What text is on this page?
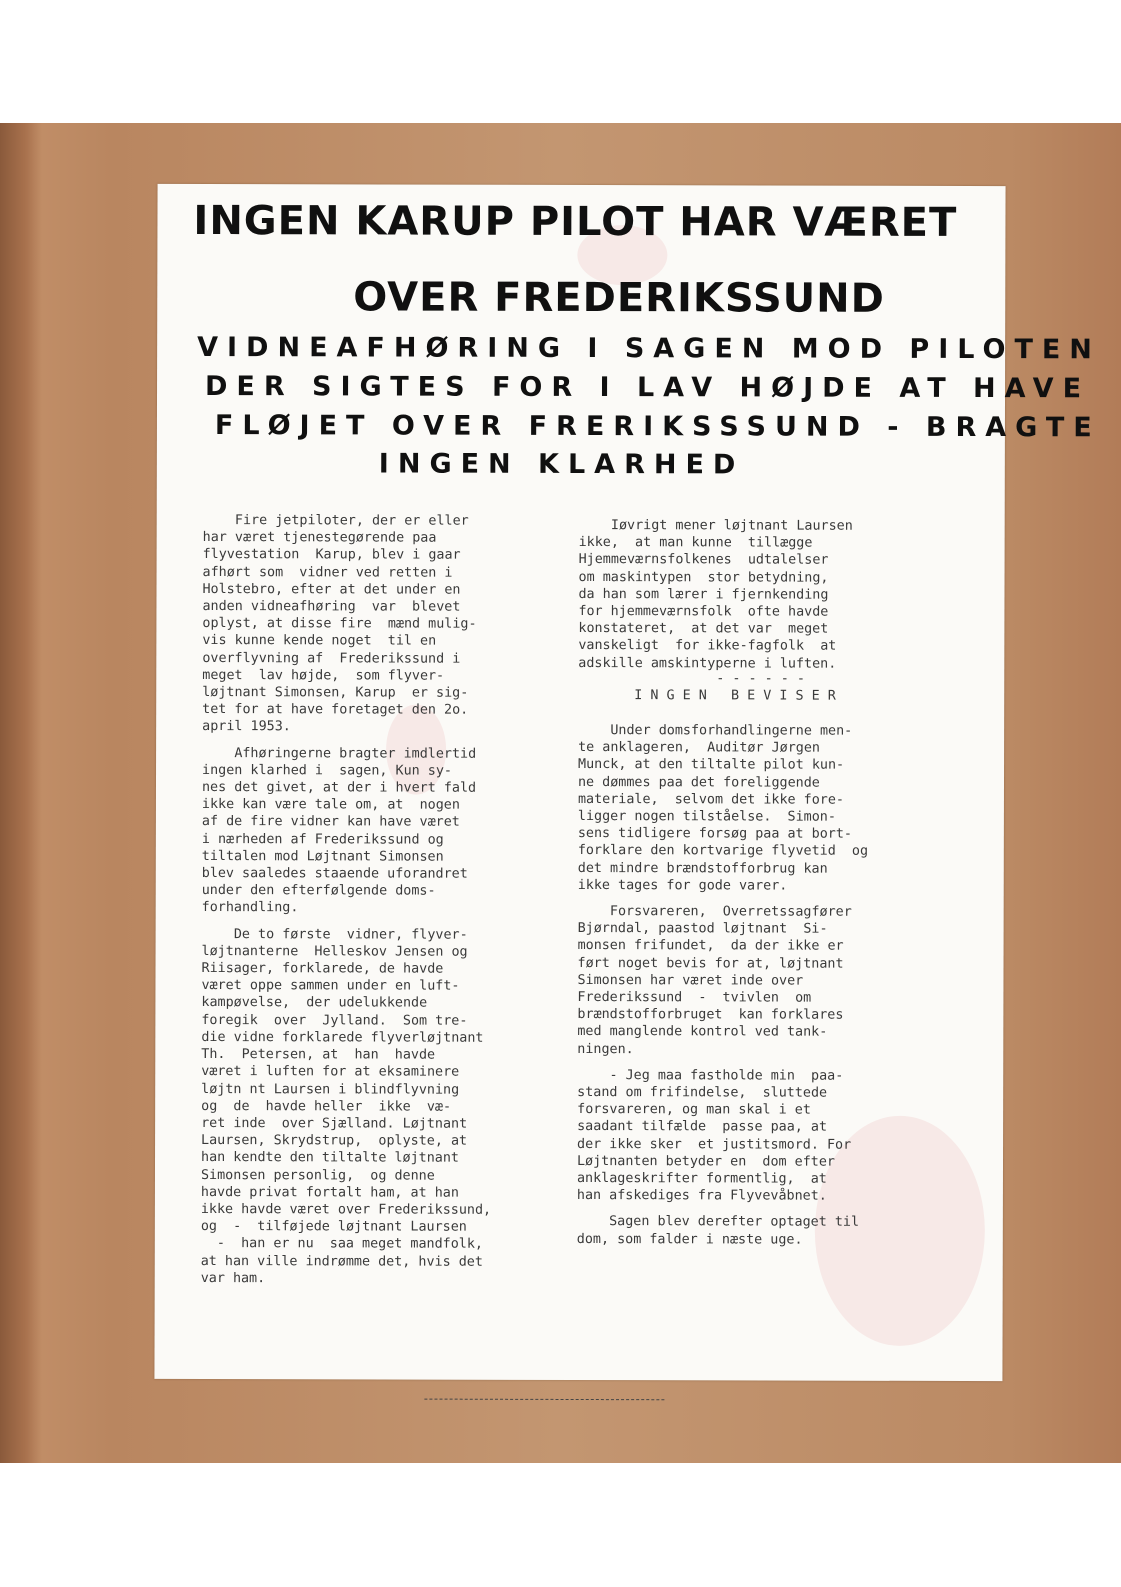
INGEN KARUP PILOT HAR VÆRET
OVER FREDERIKSSUND
VIDNEAFHØRING I SAGEN MOD PILOTEN
DER SIGTES FOR I LAV HØJDE AT HAVE
FLØJET OVER FRERIKSSSUND - BRAGTE
INGEN KLARHED

Fire jetpiloter, der er eller
har været tjenestegørende paa
flyvestation  Karup, blev i gaar
afhørt som  vidner ved retten i
Holstebro, efter at det under en
anden vidneafhøring  var  blevet
oplyst, at disse fire  mænd mulig-
vis kunne kende noget  til en
overflyvning af  Frederikssund i
meget  lav højde,  som flyver-
løjtnant Simonsen, Karup  er sig-
tet for at have foretaget den 2o.
april 1953.

Afhøringerne bragter imdlertid
ingen klarhed i  sagen, Kun sy-
nes det givet, at der i hvert fald
ikke kan være tale om, at  nogen
af de fire vidner kan have været
i nærheden af Frederikssund og
tiltalen mod Løjtnant Simonsen
blev saaledes staaende uforandret
under den efterfølgende doms-
forhandling.

De to første  vidner, flyver-
løjtnanterne  Helleskov Jensen og
Riisager, forklarede, de havde
været oppe sammen under en luft-
kampøvelse,  der udelukkende
foregik  over  Jylland.  Som tre-
die vidne forklarede flyverløjtnant
Th.  Petersen, at  han  havde
været i luften for at eksaminere
løjtn nt Laursen i blindflyvning
og  de  havde heller  ikke  væ-
ret inde  over Sjælland. Løjtnant
Laursen, Skrydstrup,  oplyste, at
han kendte den tiltalte løjtnant
Simonsen personlig,  og denne
havde privat fortalt ham, at han
ikke havde været over Frederikssund,
og  -  tilføjede løjtnant Laursen
-  han er nu  saa meget mandfolk,
at han ville indrømme det, hvis det
var ham.

Iøvrigt mener løjtnant Laursen
ikke,  at man kunne  tillægge
Hjemmeværnsfolkenes  udtalelser
om maskintypen  stor betydning,
da han som lærer i fjernkending
for hjemmeværnsfolk  ofte havde
konstateret,  at det var  meget
vanskeligt  for ikke-fagfolk  at
adskille amskintyperne i luften.

- - - - - -
I N G E N   B E V I S E R

Under domsforhandlingerne men-
te anklageren,  Auditør Jørgen
Munck, at den tiltalte pilot kun-
ne dømmes paa det foreliggende
materiale,  selvom det ikke fore-
ligger nogen tilståelse.  Simon-
sens tidligere forsøg paa at bort-
forklare den kortvarige flyvetid  og
det mindre brændstofforbrug kan
ikke tages for gode varer.

Forsvareren,  Overretssagfører
Bjørndal, paastod løjtnant  Si-
monsen frifundet,  da der ikke er
ført noget bevis for at, løjtnant
Simonsen har været inde over
Frederikssund  -  tvivlen  om
brændstofforbruget  kan forklares
med manglende kontrol ved tank-
ningen.

- Jeg maa fastholde min  paa-
stand om frifindelse,  sluttede
forsvareren, og man skal i et
saadant tilfælde  passe paa, at
der ikke sker  et justitsmord. For
Løjtnanten betyder en  dom efter
anklageskrifter formentlig,  at
han afskediges fra Flyvevåbnet.

Sagen blev derefter optaget til
dom, som falder i næste uge.
